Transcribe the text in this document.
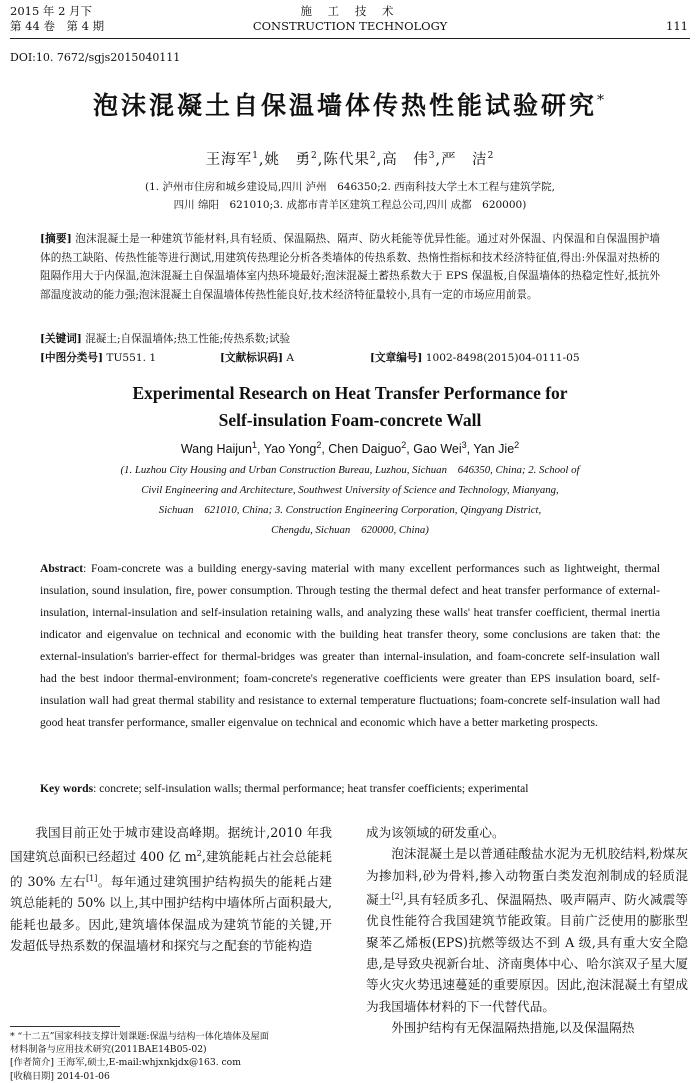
2015 年 2 月下
第 44 卷　第 4 期
施 工 技 术
CONSTRUCTION TECHNOLOGY	111
DOI:10. 7672/sgjs2015040111
泡沫混凝土自保温墙体传热性能试验研究*
王海军$^1$,姚　勇$^2$,陈代果$^2$,高　伟$^3$,严　洁$^2$
(1. 泸州市住房和城乡建设局,四川 泸州　646350;2. 西南科技大学土木工程与建筑学院,
四川 绵阳　621010;3. 成都市青羊区建筑工程总公司,四川 成都　620000)
[摘要] 泡沫混凝土是一种建筑节能材料,具有轻质、保温隔热、隔声、防火耗能等优异性能。通过对外保温、内保温和自保温围护墙体的热工缺陷、传热性能等进行测试,用建筑传热理论分析各类墙体的传热系数、热惰性指标和技术经济特征值,得出:外保温对热桥的阻隔作用大于内保温,泡沫混凝土自保温墙体室内热环境最好;泡沫混凝土蓄热系数大于 EPS 保温板,自保温墙体的热稳定性好,抵抗外部温度波动的能力强;泡沫混凝土自保温墙体传热性能良好,技术经济特征量较小,具有一定的市场应用前景。
[关键词] 混凝土;自保温墙体;热工性能;传热系数;试验
[中图分类号] TU551. 1	[文献标识码] A	[文章编号] 1002-8498(2015)04-0111-05
Experimental Research on Heat Transfer Performance for
Self-insulation Foam-concrete Wall
Wang Haijun$^1$, Yao Yong$^2$, Chen Daiguo$^2$, Gao Wei$^3$, Yan Jie$^2$
(1. Luzhou City Housing and Urban Construction Bureau, Luzhou, Sichuan　646350, China; 2. School of
Civil Engineering and Architecture, Southwest University of Science and Technology, Mianyang,
Sichuan　621010, China; 3. Construction Engineering Corporation, Qingyang District,
Chengdu, Sichuan　620000, China)
Abstract: Foam-concrete was a building energy-saving material with many excellent performances such as lightweight, thermal insulation, sound insulation, fire, power consumption. Through testing the thermal defect and heat transfer performance of external-insulation, internal-insulation and self-insulation retaining walls, and analyzing these walls' heat transfer coefficient, thermal inertia indicator and eigenvalue on technical and economic with the building heat transfer theory, some conclusions are taken that: the external-insulation's barrier-effect for thermal-bridges was greater than internal-insulation, and foam-concrete self-insulation wall had the best indoor thermal-environment; foam-concrete's regenerative coefficients were greater than EPS insulation board, self-insulation wall had great thermal stability and resistance to external temperature fluctuations; foam-concrete self-insulation wall had good heat transfer performance, smaller eigenvalue on technical and economic which have a better marketing prospects.
Key words: concrete; self-insulation walls; thermal performance; heat transfer coefficients; experimental

我国目前正处于城市建设高峰期。据统计,2010 年我国建筑总面积已经超过 400 亿 $m^2$,建筑能耗占社会总能耗的 30% 左右[1]。每年通过建筑围护结构损失的能耗占建筑总能耗的 50% 以上,其中围护结构中墙体所占面积最大,能耗也最多。因此,建筑墙体保温成为建筑节能的关键,开发超低导热系数的保温墙材和探究与之配套的节能构造

* “十二五”国家科技支撑计划课题:保温与结构一体化墙体及屋面
材料制备与应用技术研究(2011BAE14B05-02)
[作者简介] 王海军,硕士,E-mail:whjxnkjdx@163. com
[收稿日期] 2014-01-06

成为该领域的研发重心。

泡沫混凝土是以普通硅酸盐水泥为无机胶结料,粉煤灰为掺加料,砂为骨料,掺入动物蛋白类发泡剂制成的轻质混凝土[2],具有轻质多孔、保温隔热、吸声隔声、防火减震等优良性能符合我国建筑节能政策。目前广泛使用的膨胀型聚苯乙烯板(EPS)抗燃等级达不到 A 级,具有重大安全隐患,是导致央视新台址、济南奥体中心、哈尔滨双子星大厦等火灾火势迅速蔓延的重要原因。因此,泡沫混凝土有望成为我国墙体材料的下一代替代品。

外围护结构有无保温隔热措施,以及保温隔热
